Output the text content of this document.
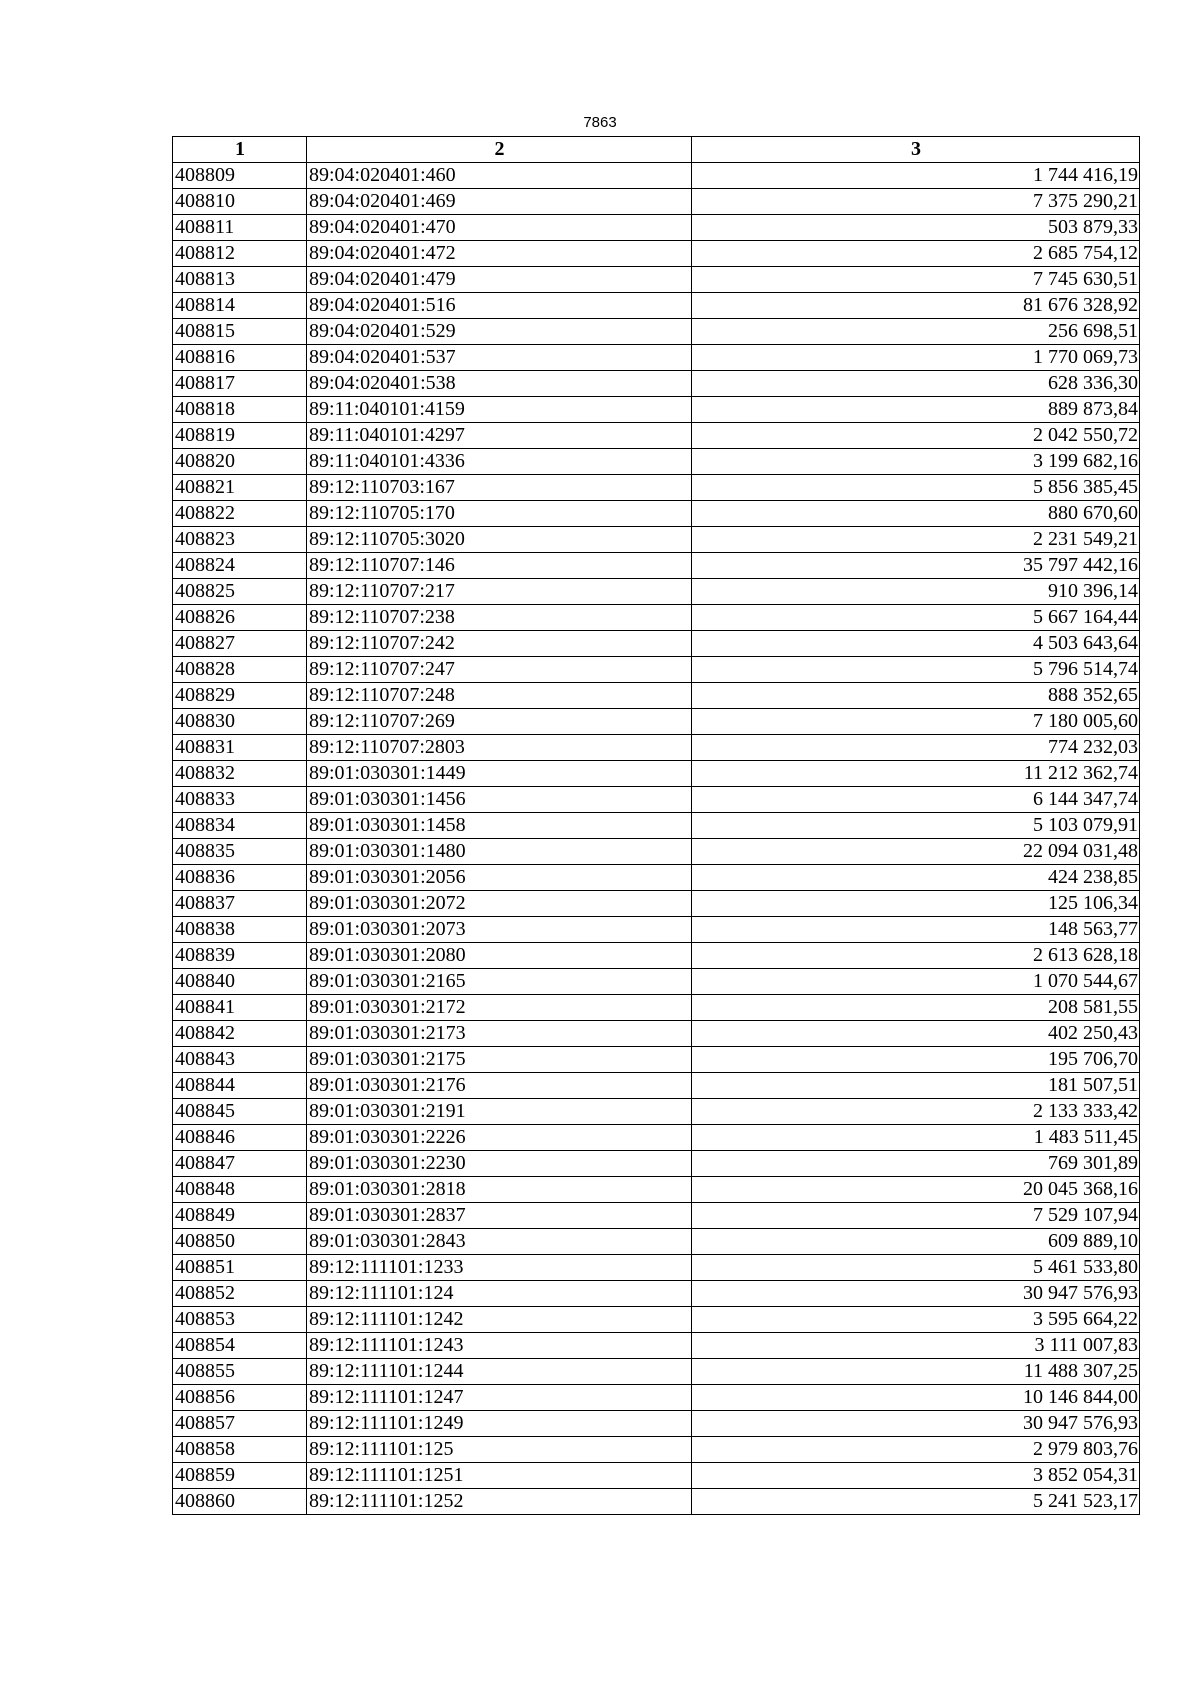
7863
1	2	3
408809	89:04:020401:460	1 744 416,19
408810	89:04:020401:469	7 375 290,21
408811	89:04:020401:470	503 879,33
408812	89:04:020401:472	2 685 754,12
408813	89:04:020401:479	7 745 630,51
408814	89:04:020401:516	81 676 328,92
408815	89:04:020401:529	256 698,51
408816	89:04:020401:537	1 770 069,73
408817	89:04:020401:538	628 336,30
408818	89:11:040101:4159	889 873,84
408819	89:11:040101:4297	2 042 550,72
408820	89:11:040101:4336	3 199 682,16
408821	89:12:110703:167	5 856 385,45
408822	89:12:110705:170	880 670,60
408823	89:12:110705:3020	2 231 549,21
408824	89:12:110707:146	35 797 442,16
408825	89:12:110707:217	910 396,14
408826	89:12:110707:238	5 667 164,44
408827	89:12:110707:242	4 503 643,64
408828	89:12:110707:247	5 796 514,74
408829	89:12:110707:248	888 352,65
408830	89:12:110707:269	7 180 005,60
408831	89:12:110707:2803	774 232,03
408832	89:01:030301:1449	11 212 362,74
408833	89:01:030301:1456	6 144 347,74
408834	89:01:030301:1458	5 103 079,91
408835	89:01:030301:1480	22 094 031,48
408836	89:01:030301:2056	424 238,85
408837	89:01:030301:2072	125 106,34
408838	89:01:030301:2073	148 563,77
408839	89:01:030301:2080	2 613 628,18
408840	89:01:030301:2165	1 070 544,67
408841	89:01:030301:2172	208 581,55
408842	89:01:030301:2173	402 250,43
408843	89:01:030301:2175	195 706,70
408844	89:01:030301:2176	181 507,51
408845	89:01:030301:2191	2 133 333,42
408846	89:01:030301:2226	1 483 511,45
408847	89:01:030301:2230	769 301,89
408848	89:01:030301:2818	20 045 368,16
408849	89:01:030301:2837	7 529 107,94
408850	89:01:030301:2843	609 889,10
408851	89:12:111101:1233	5 461 533,80
408852	89:12:111101:124	30 947 576,93
408853	89:12:111101:1242	3 595 664,22
408854	89:12:111101:1243	3 111 007,83
408855	89:12:111101:1244	11 488 307,25
408856	89:12:111101:1247	10 146 844,00
408857	89:12:111101:1249	30 947 576,93
408858	89:12:111101:125	2 979 803,76
408859	89:12:111101:1251	3 852 054,31
408860	89:12:111101:1252	5 241 523,17
